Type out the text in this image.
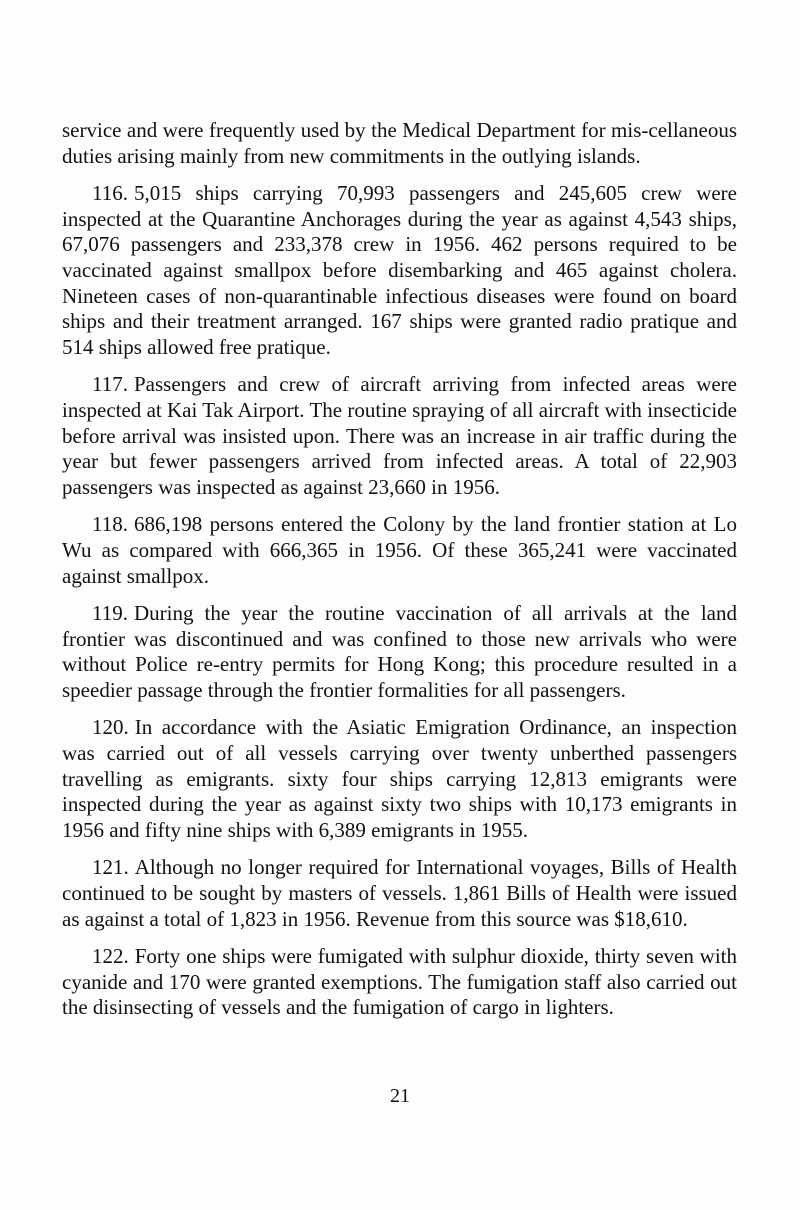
service and were frequently used by the Medical Department for mis-cellaneous duties arising mainly from new commitments in the outlying islands.

116. 5,015 ships carrying 70,993 passengers and 245,605 crew were inspected at the Quarantine Anchorages during the year as against 4,543 ships, 67,076 passengers and 233,378 crew in 1956. 462 persons required to be vaccinated against smallpox before disembarking and 465 against cholera. Nineteen cases of non-quarantinable infectious diseases were found on board ships and their treatment arranged. 167 ships were granted radio pratique and 514 ships allowed free pratique.

117. Passengers and crew of aircraft arriving from infected areas were inspected at Kai Tak Airport. The routine spraying of all aircraft with insecticide before arrival was insisted upon. There was an increase in air traffic during the year but fewer passengers arrived from infected areas. A total of 22,903 passengers was inspected as against 23,660 in 1956.

118. 686,198 persons entered the Colony by the land frontier station at Lo Wu as compared with 666,365 in 1956. Of these 365,241 were vaccinated against smallpox.

119. During the year the routine vaccination of all arrivals at the land frontier was discontinued and was confined to those new arrivals who were without Police re-entry permits for Hong Kong; this procedure resulted in a speedier passage through the frontier formalities for all passengers.

120. In accordance with the Asiatic Emigration Ordinance, an inspection was carried out of all vessels carrying over twenty unberthed passengers travelling as emigrants. sixty four ships carrying 12,813 emigrants were inspected during the year as against sixty two ships with 10,173 emigrants in 1956 and fifty nine ships with 6,389 emigrants in 1955.

121. Although no longer required for International voyages, Bills of Health continued to be sought by masters of vessels. 1,861 Bills of Health were issued as against a total of 1,823 in 1956. Revenue from this source was $18,610.

122. Forty one ships were fumigated with sulphur dioxide, thirty seven with cyanide and 170 were granted exemptions. The fumigation staff also carried out the disinsecting of vessels and the fumigation of cargo in lighters.

21
